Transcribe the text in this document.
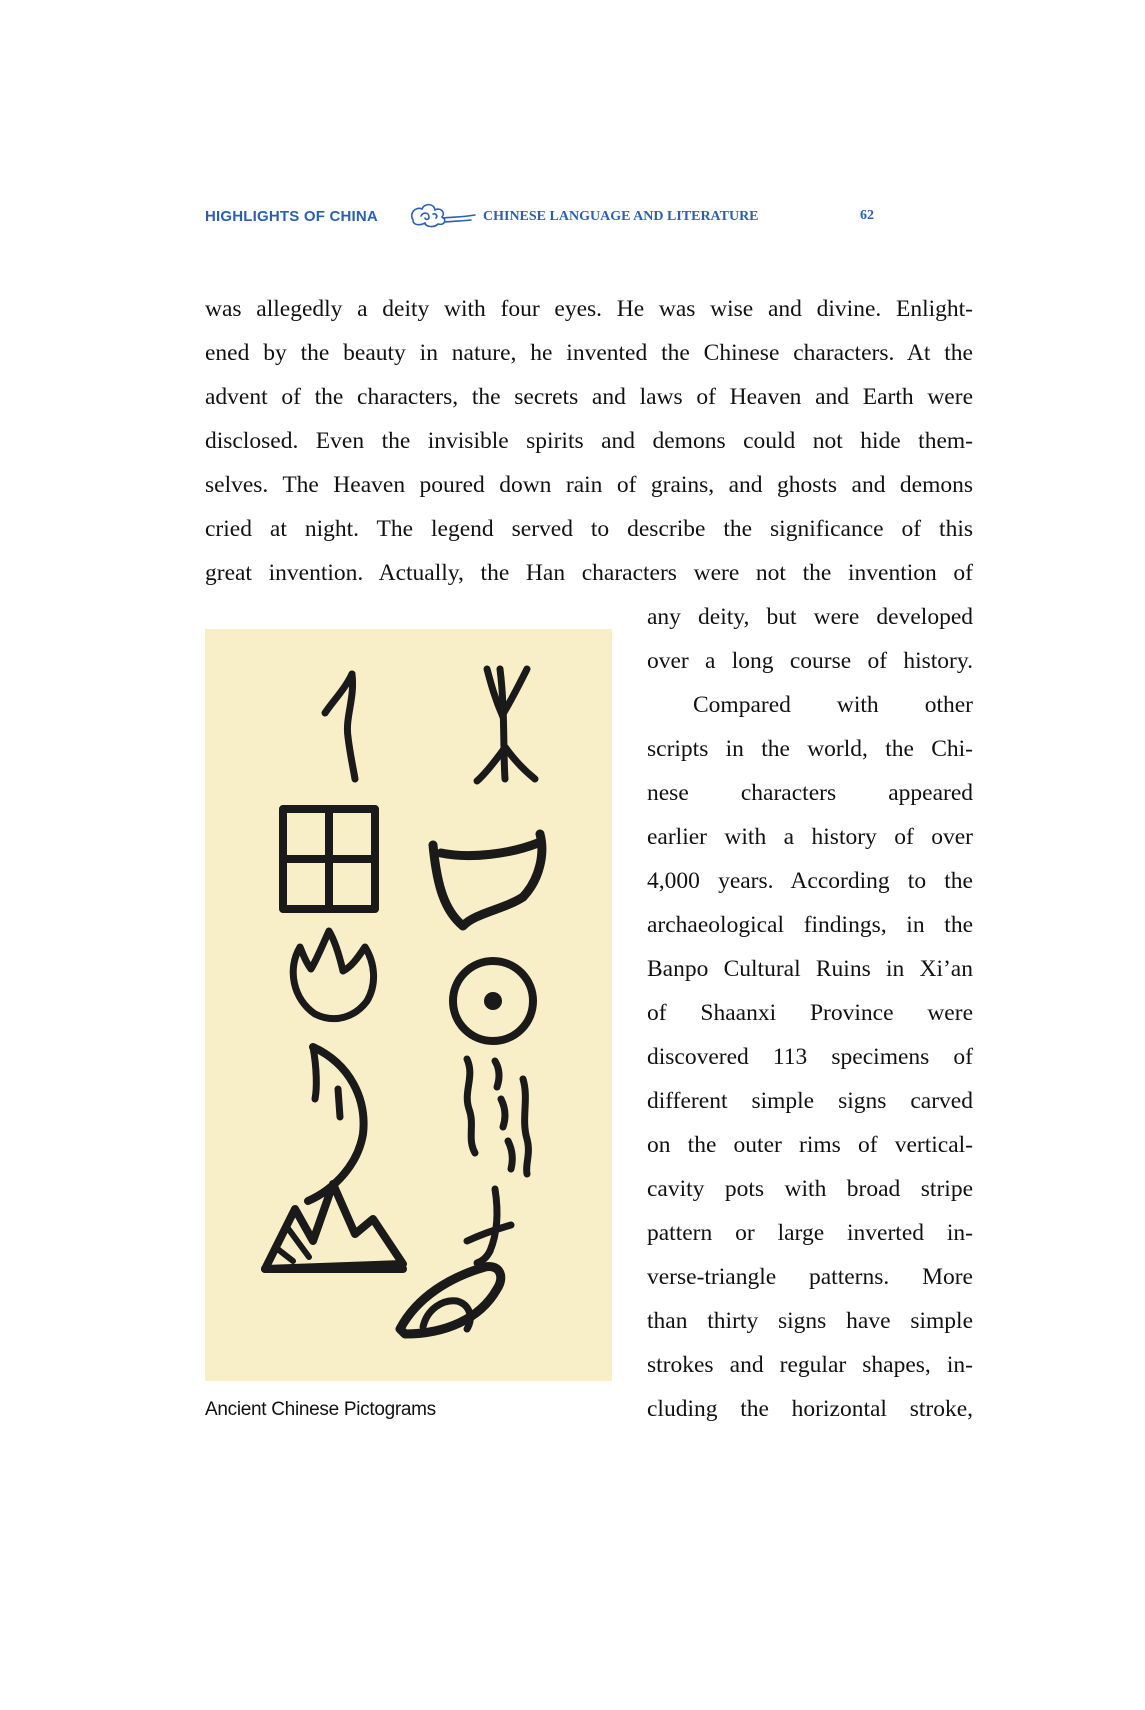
HIGHLIGHTS OF CHINA	CHINESE LANGUAGE AND LITERATURE	62
was allegedly a deity with four eyes. He was wise and divine. Enlight-
ened by the beauty in nature, he invented the Chinese characters. At the
advent of the characters, the secrets and laws of Heaven and Earth were
disclosed. Even the invisible spirits and demons could not hide them-
selves. The Heaven poured down rain of grains, and ghosts and demons
cried at night. The legend served to describe the significance of this
great invention. Actually, the Han characters were not the invention of
any deity, but were developed
over a long course of history.
Compared with other
scripts in the world, the Chi-
nese characters appeared
earlier with a history of over
4,000 years. According to the
archaeological findings, in the
Banpo Cultural Ruins in Xi’an
of Shaanxi Province were
discovered 113 specimens of
different simple signs carved
on the outer rims of vertical-
cavity pots with broad stripe
pattern or large inverted in-
verse-triangle patterns. More
than thirty signs have simple
strokes and regular shapes, in-
cluding the horizontal stroke,
Ancient Chinese Pictograms
